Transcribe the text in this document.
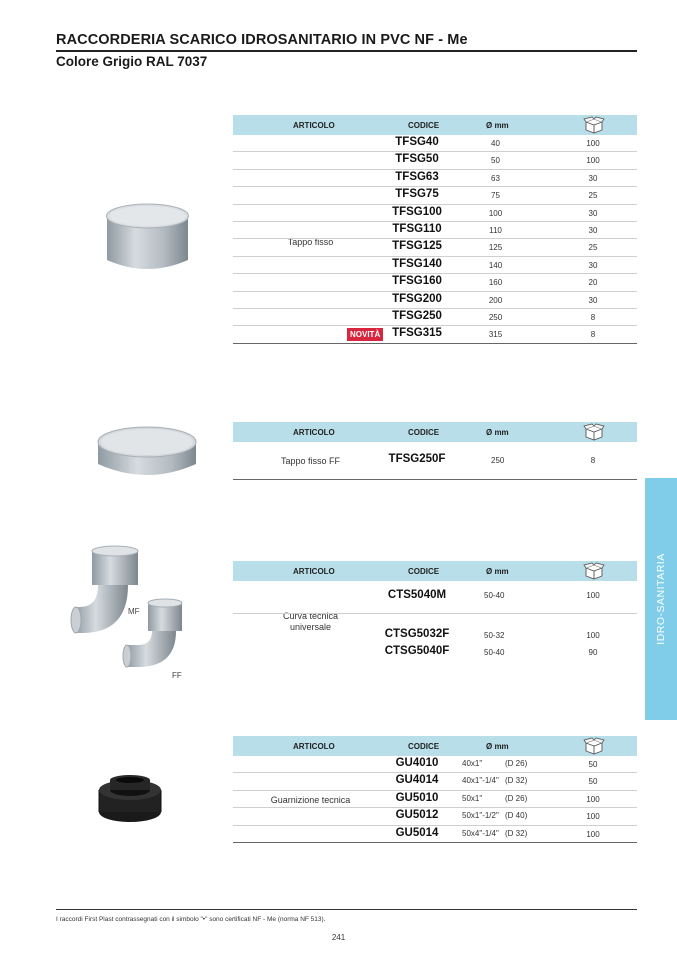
RACCORDERIA SCARICO IDROSANITARIO IN PVC NF - Me
Colore Grigio RAL 7037
MF
FF
ARTICOLO	CODICE	Ø mm
Tappo fisso
TFSG40	40	100
TFSG50	50	100
TFSG63	63	30
TFSG75	75	25
TFSG100	100	30
TFSG110	110	30
TFSG125	125	25
TFSG140	140	30
TFSG160	160	20
TFSG200	200	30
TFSG250	250	8
NOVITÀ	TFSG315	315	8
ARTICOLO	CODICE	Ø mm
Tappo fisso FF	TFSG250F	250	8
ARTICOLO	CODICE	Ø mm
Curva tecnica
universale
CTS5040M	50-40	100
CTSG5032F	50-32	100
CTSG5040F	50-40	90
ARTICOLO	CODICE	Ø mm
Guarnizione tecnica
GU4010	40x1"	(D 26)	50
GU4014	40x1"-1/4" (D 32)	50
GU5010	50x1"	(D 26)	100
GU5012	50x1"-1/2" (D 40)	100
GU5014	50x4"-1/4" (D 32)	100
IDRO-SANITARIA
I raccordi First Plast contrassegnati con il simbolo "•" sono certificati NF - Me (norma NF 513).
241
